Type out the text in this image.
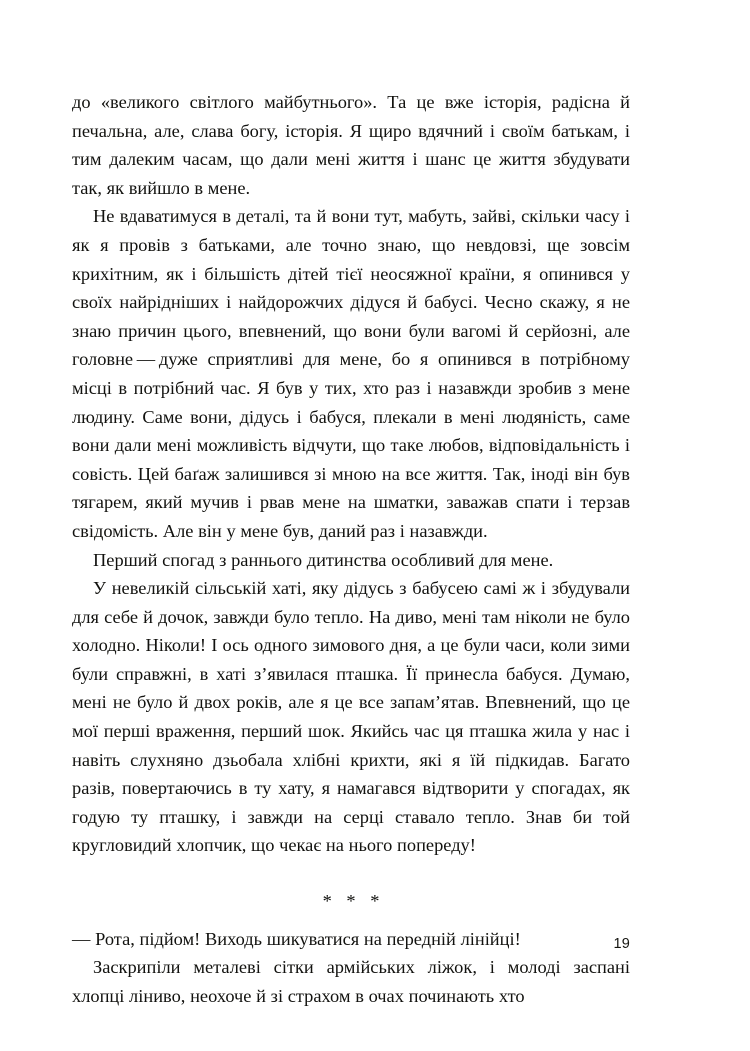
до «великого світлого майбутнього». Та це вже історія, радісна й печальна, але, слава богу, історія. Я щиро вдячний і своїм батькам, і тим далеким часам, що дали мені життя і шанс це життя збудувати так, як вийшло в мене.

Не вдаватимуся в деталі, та й вони тут, мабуть, зайві, скільки часу і як я провів з батьками, але точно знаю, що невдовзі, ще зовсім крихітним, як і більшість дітей тієї неосяжної країни, я опинився у своїх найрідніших і найдорожчих дідуся й бабусі. Чесно скажу, я не знаю причин цього, впевнений, що вони були вагомі й серйозні, але головне — дуже сприятливі для мене, бо я опинився в потрібному місці в потрібний час. Я був у тих, хто раз і назавжди зробив з мене людину. Саме вони, дідусь і бабуся, плекали в мені людяність, саме вони дали мені можливість відчути, що таке любов, відповідальність і совість. Цей баґаж залишився зі мною на все життя. Так, іноді він був тягарем, який мучив і рвав мене на шматки, заважав спати і терзав свідомість. Але він у мене був, даний раз і назавжди.

Перший спогад з раннього дитинства особливий для мене.

У невеликій сільській хаті, яку дідусь з бабусею самі ж і збудували для себе й дочок, завжди було тепло. На диво, мені там ніколи не було холодно. Ніколи! І ось одного зимового дня, а це були часи, коли зими були справжні, в хаті з’явилася пташка. Її принесла бабуся. Думаю, мені не було й двох років, але я це все запам’ятав. Впевнений, що це мої перші враження, перший шок. Якийсь час ця пташка жила у нас і навіть слухняно дзьобала хлібні крихти, які я їй підкидав. Багато разів, повертаючись в ту хату, я намагався відтворити у спогадах, як годую ту пташку, і завжди на серці ставало тепло. Знав би той кругловидий хлопчик, що чекає на нього попереду!

* * *

— Рота, підйом! Виходь шикуватися на передній лінійці!

Заскрипіли металеві сітки армійських ліжок, і молоді заспані хлопці ліниво, неохоче й зі страхом в очах починають хто

19
